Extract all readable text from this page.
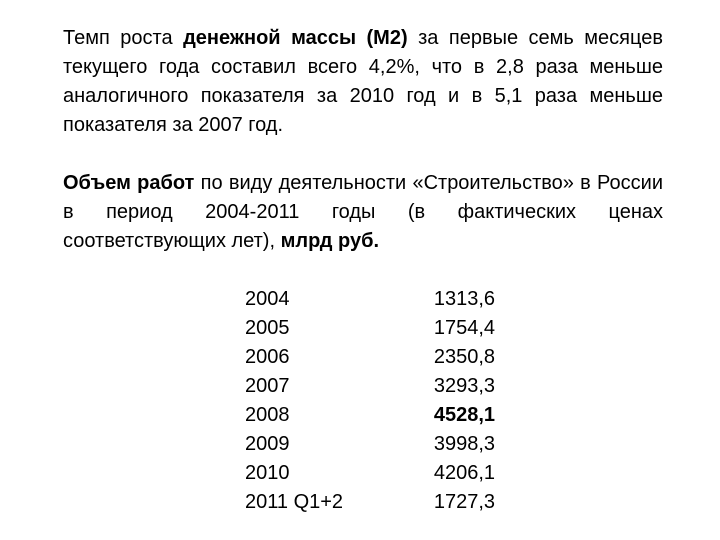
Темп роста денежной массы (М2) за первые семь месяцев текущего года составил всего 4,2%, что в 2,8 раза меньше аналогичного показателя за 2010 год и в 5,1 раза меньше показателя за 2007 год.

Объем работ по виду деятельности «Строительство» в России в период 2004-2011 годы (в фактических ценах соответствующих лет), млрд руб.

2004	1313,6
2005	1754,4
2006	2350,8
2007	3293,3
2008	4528,1
2009	3998,3
2010	4206,1
2011 Q1+2	1727,3
